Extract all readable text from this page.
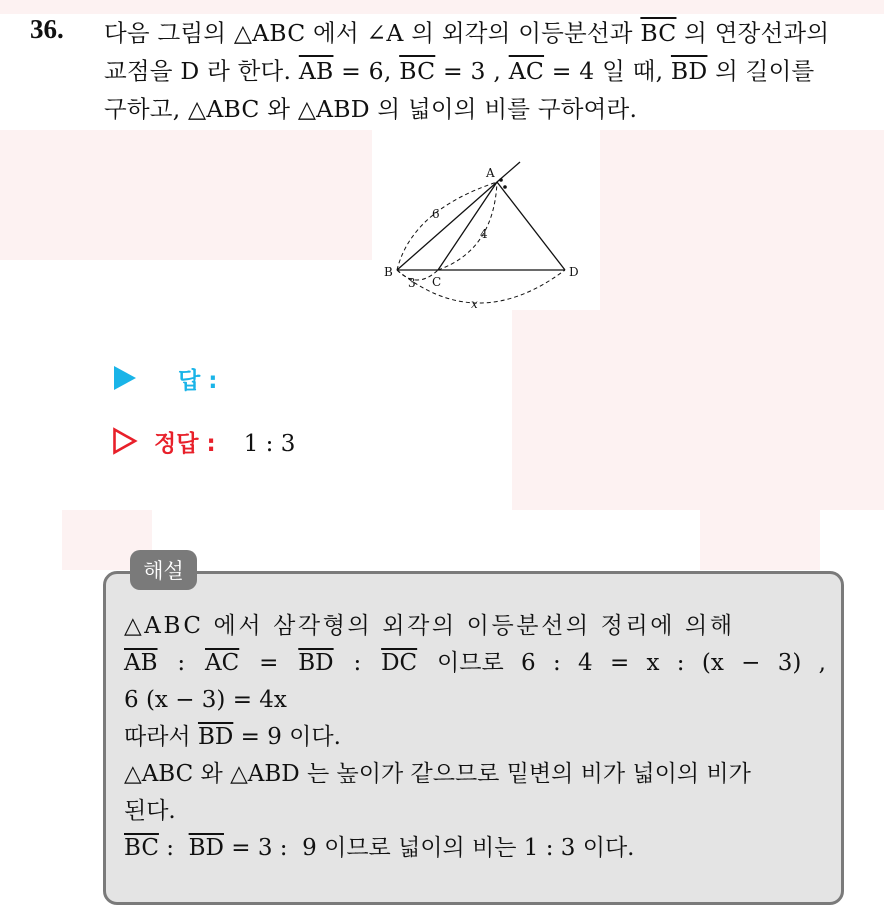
36. 다음 그림의 △ABC 에서 ∠A 의 외각의 이등분선과 $\overline{BC}$ 의 연장선과의
교점을 D 라 한다. $\overline{AB} = 6$, $\overline{BC} = 3$ , $\overline{AC} = 4$ 일 때, $\overline{BD}$ 의 길이를
구하고, △ABC 와 △ABD 의 넓이의 비를 구하여라.
A
B
C
D
6
4
3
x
답 :
정답 : 1 : 3
해설
△ABC 에서 삼각형의 외각의 이등분선의 정리에 의해
$\overline{AB}$ : $\overline{AC} = \overline{BD}$ : $\overline{DC}$ 이므로 6 : 4 = x : (x − 3) ,
6 (x − 3) = 4x
따라서 $\overline{BD} = 9$ 이다.
△ABC 와 △ABD 는 높이가 같으므로 밑변의 비가 넓이의 비가
된다.
$\overline{BC}$ :  $\overline{BD} = 3$ :  9 이므로 넓이의 비는 1 : 3 이다.
